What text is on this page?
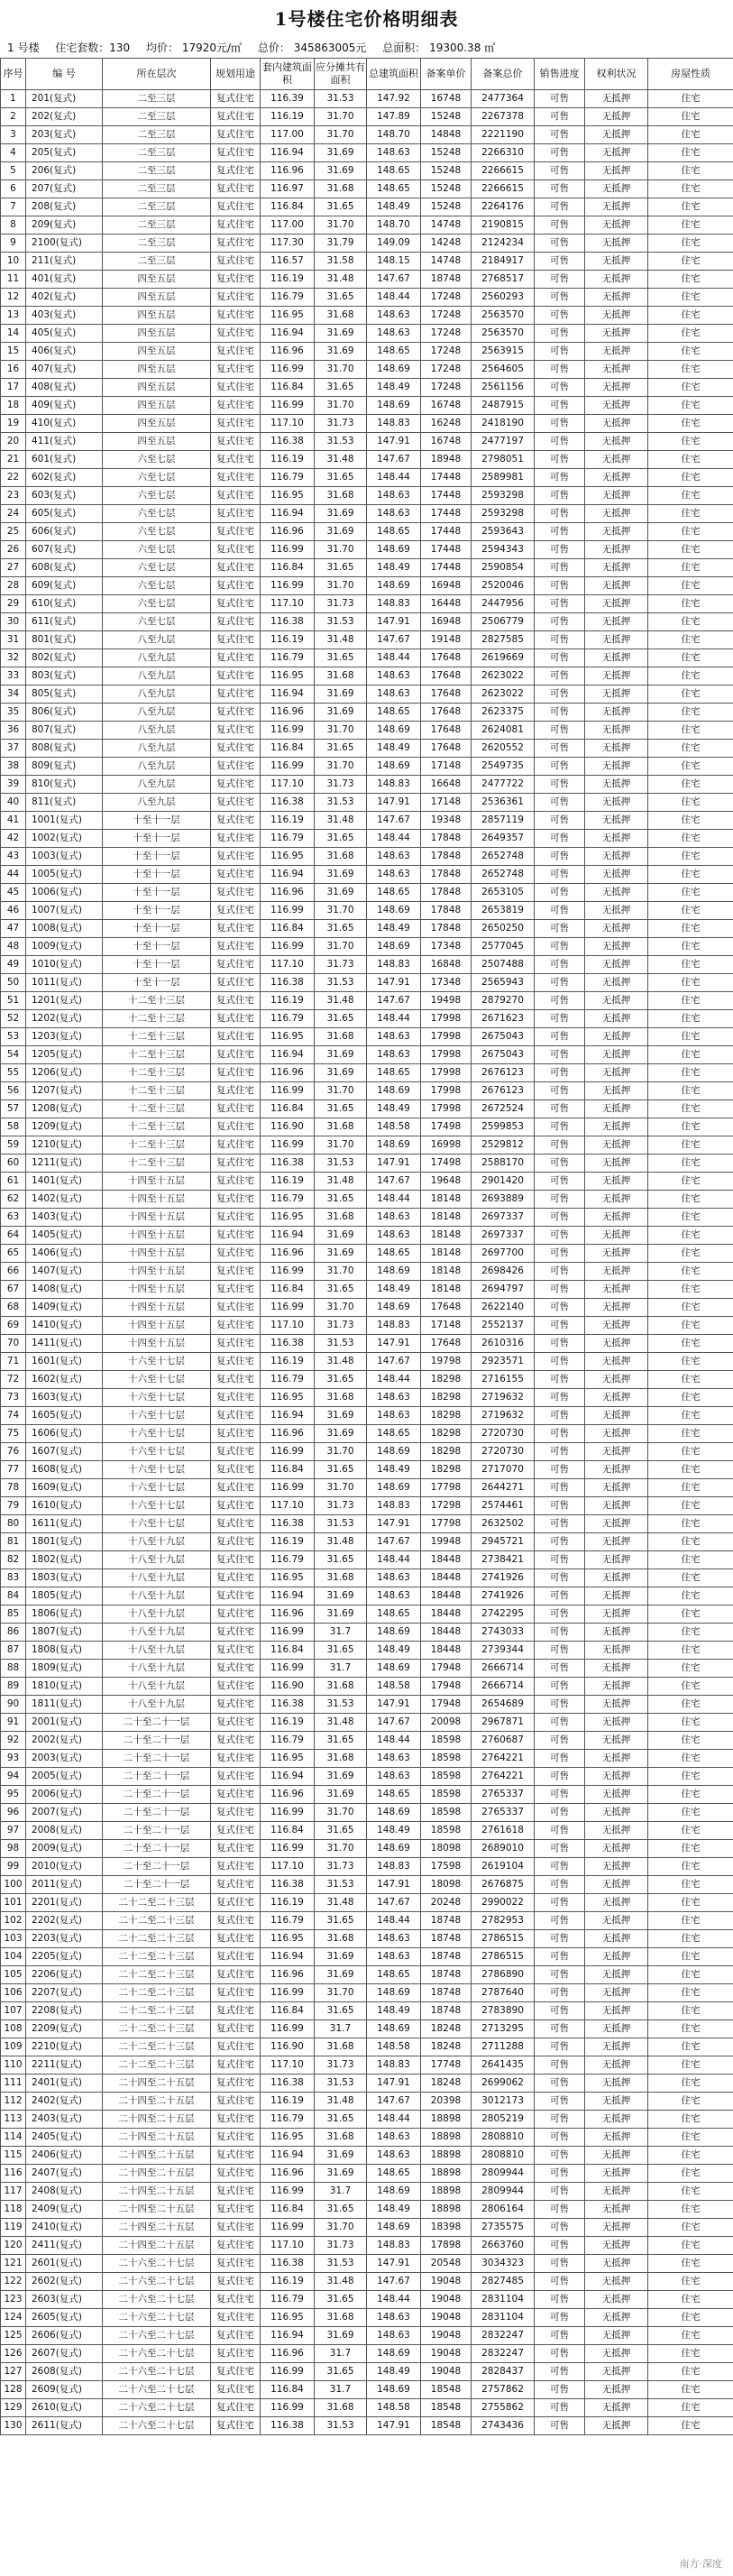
1号楼住宅价格明细表
1 号楼 住宅套数：130 均价： 17920元/㎡ 总价： 345863005元 总面积： 19300.38 ㎡
序号	编 号	所在层次	规划用途	套内建筑面积	应分摊共有面积	总建筑面积	备案单价	备案总价	销售进度	权利状况	房屋性质
1	201(复式)	二至三层	复式住宅	116.39	31.53	147.92	16748	2477364	可售	无抵押	住宅
2	202(复式)	二至三层	复式住宅	116.19	31.70	147.89	15248	2267378	可售	无抵押	住宅
3	203(复式)	二至三层	复式住宅	117.00	31.70	148.70	14848	2221190	可售	无抵押	住宅
4	205(复式)	二至三层	复式住宅	116.94	31.69	148.63	15248	2266310	可售	无抵押	住宅
5	206(复式)	二至三层	复式住宅	116.96	31.69	148.65	15248	2266615	可售	无抵押	住宅
6	207(复式)	二至三层	复式住宅	116.97	31.68	148.65	15248	2266615	可售	无抵押	住宅
7	208(复式)	二至三层	复式住宅	116.84	31.65	148.49	15248	2264176	可售	无抵押	住宅
8	209(复式)	二至三层	复式住宅	117.00	31.70	148.70	14748	2190815	可售	无抵押	住宅
9	2100(复式)	二至三层	复式住宅	117.30	31.79	149.09	14248	2124234	可售	无抵押	住宅
10	211(复式)	二至三层	复式住宅	116.57	31.58	148.15	14748	2184917	可售	无抵押	住宅
11	401(复式)	四至五层	复式住宅	116.19	31.48	147.67	18748	2768517	可售	无抵押	住宅
12	402(复式)	四至五层	复式住宅	116.79	31.65	148.44	17248	2560293	可售	无抵押	住宅
13	403(复式)	四至五层	复式住宅	116.95	31.68	148.63	17248	2563570	可售	无抵押	住宅
14	405(复式)	四至五层	复式住宅	116.94	31.69	148.63	17248	2563570	可售	无抵押	住宅
15	406(复式)	四至五层	复式住宅	116.96	31.69	148.65	17248	2563915	可售	无抵押	住宅
16	407(复式)	四至五层	复式住宅	116.99	31.70	148.69	17248	2564605	可售	无抵押	住宅
17	408(复式)	四至五层	复式住宅	116.84	31.65	148.49	17248	2561156	可售	无抵押	住宅
18	409(复式)	四至五层	复式住宅	116.99	31.70	148.69	16748	2487915	可售	无抵押	住宅
19	410(复式)	四至五层	复式住宅	117.10	31.73	148.83	16248	2418190	可售	无抵押	住宅
20	411(复式)	四至五层	复式住宅	116.38	31.53	147.91	16748	2477197	可售	无抵押	住宅
21	601(复式)	六至七层	复式住宅	116.19	31.48	147.67	18948	2798051	可售	无抵押	住宅
22	602(复式)	六至七层	复式住宅	116.79	31.65	148.44	17448	2589981	可售	无抵押	住宅
23	603(复式)	六至七层	复式住宅	116.95	31.68	148.63	17448	2593298	可售	无抵押	住宅
24	605(复式)	六至七层	复式住宅	116.94	31.69	148.63	17448	2593298	可售	无抵押	住宅
25	606(复式)	六至七层	复式住宅	116.96	31.69	148.65	17448	2593643	可售	无抵押	住宅
26	607(复式)	六至七层	复式住宅	116.99	31.70	148.69	17448	2594343	可售	无抵押	住宅
27	608(复式)	六至七层	复式住宅	116.84	31.65	148.49	17448	2590854	可售	无抵押	住宅
28	609(复式)	六至七层	复式住宅	116.99	31.70	148.69	16948	2520046	可售	无抵押	住宅
29	610(复式)	六至七层	复式住宅	117.10	31.73	148.83	16448	2447956	可售	无抵押	住宅
30	611(复式)	六至七层	复式住宅	116.38	31.53	147.91	16948	2506779	可售	无抵押	住宅
31	801(复式)	八至九层	复式住宅	116.19	31.48	147.67	19148	2827585	可售	无抵押	住宅
32	802(复式)	八至九层	复式住宅	116.79	31.65	148.44	17648	2619669	可售	无抵押	住宅
33	803(复式)	八至九层	复式住宅	116.95	31.68	148.63	17648	2623022	可售	无抵押	住宅
34	805(复式)	八至九层	复式住宅	116.94	31.69	148.63	17648	2623022	可售	无抵押	住宅
35	806(复式)	八至九层	复式住宅	116.96	31.69	148.65	17648	2623375	可售	无抵押	住宅
36	807(复式)	八至九层	复式住宅	116.99	31.70	148.69	17648	2624081	可售	无抵押	住宅
37	808(复式)	八至九层	复式住宅	116.84	31.65	148.49	17648	2620552	可售	无抵押	住宅
38	809(复式)	八至九层	复式住宅	116.99	31.70	148.69	17148	2549735	可售	无抵押	住宅
39	810(复式)	八至九层	复式住宅	117.10	31.73	148.83	16648	2477722	可售	无抵押	住宅
40	811(复式)	八至九层	复式住宅	116.38	31.53	147.91	17148	2536361	可售	无抵押	住宅
41	1001(复式)	十至十一层	复式住宅	116.19	31.48	147.67	19348	2857119	可售	无抵押	住宅
42	1002(复式)	十至十一层	复式住宅	116.79	31.65	148.44	17848	2649357	可售	无抵押	住宅
43	1003(复式)	十至十一层	复式住宅	116.95	31.68	148.63	17848	2652748	可售	无抵押	住宅
44	1005(复式)	十至十一层	复式住宅	116.94	31.69	148.63	17848	2652748	可售	无抵押	住宅
45	1006(复式)	十至十一层	复式住宅	116.96	31.69	148.65	17848	2653105	可售	无抵押	住宅
46	1007(复式)	十至十一层	复式住宅	116.99	31.70	148.69	17848	2653819	可售	无抵押	住宅
47	1008(复式)	十至十一层	复式住宅	116.84	31.65	148.49	17848	2650250	可售	无抵押	住宅
48	1009(复式)	十至十一层	复式住宅	116.99	31.70	148.69	17348	2577045	可售	无抵押	住宅
49	1010(复式)	十至十一层	复式住宅	117.10	31.73	148.83	16848	2507488	可售	无抵押	住宅
50	1011(复式)	十至十一层	复式住宅	116.38	31.53	147.91	17348	2565943	可售	无抵押	住宅
51	1201(复式)	十二至十三层	复式住宅	116.19	31.48	147.67	19498	2879270	可售	无抵押	住宅
52	1202(复式)	十二至十三层	复式住宅	116.79	31.65	148.44	17998	2671623	可售	无抵押	住宅
53	1203(复式)	十二至十三层	复式住宅	116.95	31.68	148.63	17998	2675043	可售	无抵押	住宅
54	1205(复式)	十二至十三层	复式住宅	116.94	31.69	148.63	17998	2675043	可售	无抵押	住宅
55	1206(复式)	十二至十三层	复式住宅	116.96	31.69	148.65	17998	2676123	可售	无抵押	住宅
56	1207(复式)	十二至十三层	复式住宅	116.99	31.70	148.69	17998	2676123	可售	无抵押	住宅
57	1208(复式)	十二至十三层	复式住宅	116.84	31.65	148.49	17998	2672524	可售	无抵押	住宅
58	1209(复式)	十二至十三层	复式住宅	116.90	31.68	148.58	17498	2599853	可售	无抵押	住宅
59	1210(复式)	十二至十三层	复式住宅	116.99	31.70	148.69	16998	2529812	可售	无抵押	住宅
60	1211(复式)	十二至十三层	复式住宅	116.38	31.53	147.91	17498	2588170	可售	无抵押	住宅
61	1401(复式)	十四至十五层	复式住宅	116.19	31.48	147.67	19648	2901420	可售	无抵押	住宅
62	1402(复式)	十四至十五层	复式住宅	116.79	31.65	148.44	18148	2693889	可售	无抵押	住宅
63	1403(复式)	十四至十五层	复式住宅	116.95	31.68	148.63	18148	2697337	可售	无抵押	住宅
64	1405(复式)	十四至十五层	复式住宅	116.94	31.69	148.63	18148	2697337	可售	无抵押	住宅
65	1406(复式)	十四至十五层	复式住宅	116.96	31.69	148.65	18148	2697700	可售	无抵押	住宅
66	1407(复式)	十四至十五层	复式住宅	116.99	31.70	148.69	18148	2698426	可售	无抵押	住宅
67	1408(复式)	十四至十五层	复式住宅	116.84	31.65	148.49	18148	2694797	可售	无抵押	住宅
68	1409(复式)	十四至十五层	复式住宅	116.99	31.70	148.69	17648	2622140	可售	无抵押	住宅
69	1410(复式)	十四至十五层	复式住宅	117.10	31.73	148.83	17148	2552137	可售	无抵押	住宅
70	1411(复式)	十四至十五层	复式住宅	116.38	31.53	147.91	17648	2610316	可售	无抵押	住宅
71	1601(复式)	十六至十七层	复式住宅	116.19	31.48	147.67	19798	2923571	可售	无抵押	住宅
72	1602(复式)	十六至十七层	复式住宅	116.79	31.65	148.44	18298	2716155	可售	无抵押	住宅
73	1603(复式)	十六至十七层	复式住宅	116.95	31.68	148.63	18298	2719632	可售	无抵押	住宅
74	1605(复式)	十六至十七层	复式住宅	116.94	31.69	148.63	18298	2719632	可售	无抵押	住宅
75	1606(复式)	十六至十七层	复式住宅	116.96	31.69	148.65	18298	2720730	可售	无抵押	住宅
76	1607(复式)	十六至十七层	复式住宅	116.99	31.70	148.69	18298	2720730	可售	无抵押	住宅
77	1608(复式)	十六至十七层	复式住宅	116.84	31.65	148.49	18298	2717070	可售	无抵押	住宅
78	1609(复式)	十六至十七层	复式住宅	116.99	31.70	148.69	17798	2644271	可售	无抵押	住宅
79	1610(复式)	十六至十七层	复式住宅	117.10	31.73	148.83	17298	2574461	可售	无抵押	住宅
80	1611(复式)	十六至十七层	复式住宅	116.38	31.53	147.91	17798	2632502	可售	无抵押	住宅
81	1801(复式)	十八至十九层	复式住宅	116.19	31.48	147.67	19948	2945721	可售	无抵押	住宅
82	1802(复式)	十八至十九层	复式住宅	116.79	31.65	148.44	18448	2738421	可售	无抵押	住宅
83	1803(复式)	十八至十九层	复式住宅	116.95	31.68	148.63	18448	2741926	可售	无抵押	住宅
84	1805(复式)	十八至十九层	复式住宅	116.94	31.69	148.63	18448	2741926	可售	无抵押	住宅
85	1806(复式)	十八至十九层	复式住宅	116.96	31.69	148.65	18448	2742295	可售	无抵押	住宅
86	1807(复式)	十八至十九层	复式住宅	116.99	31.7	148.69	18448	2743033	可售	无抵押	住宅
87	1808(复式)	十八至十九层	复式住宅	116.84	31.65	148.49	18448	2739344	可售	无抵押	住宅
88	1809(复式)	十八至十九层	复式住宅	116.99	31.7	148.69	17948	2666714	可售	无抵押	住宅
89	1810(复式)	十八至十九层	复式住宅	116.90	31.68	148.58	17948	2666714	可售	无抵押	住宅
90	1811(复式)	十八至十九层	复式住宅	116.38	31.53	147.91	17948	2654689	可售	无抵押	住宅
91	2001(复式)	二十至二十一层	复式住宅	116.19	31.48	147.67	20098	2967871	可售	无抵押	住宅
92	2002(复式)	二十至二十一层	复式住宅	116.79	31.65	148.44	18598	2760687	可售	无抵押	住宅
93	2003(复式)	二十至二十一层	复式住宅	116.95	31.68	148.63	18598	2764221	可售	无抵押	住宅
94	2005(复式)	二十至二十一层	复式住宅	116.94	31.69	148.63	18598	2764221	可售	无抵押	住宅
95	2006(复式)	二十至二十一层	复式住宅	116.96	31.69	148.65	18598	2765337	可售	无抵押	住宅
96	2007(复式)	二十至二十一层	复式住宅	116.99	31.70	148.69	18598	2765337	可售	无抵押	住宅
97	2008(复式)	二十至二十一层	复式住宅	116.84	31.65	148.49	18598	2761618	可售	无抵押	住宅
98	2009(复式)	二十至二十一层	复式住宅	116.99	31.70	148.69	18098	2689010	可售	无抵押	住宅
99	2010(复式)	二十至二十一层	复式住宅	117.10	31.73	148.83	17598	2619104	可售	无抵押	住宅
100	2011(复式)	二十至二十一层	复式住宅	116.38	31.53	147.91	18098	2676875	可售	无抵押	住宅
101	2201(复式)	二十二至二十三层	复式住宅	116.19	31.48	147.67	20248	2990022	可售	无抵押	住宅
102	2202(复式)	二十二至二十三层	复式住宅	116.79	31.65	148.44	18748	2782953	可售	无抵押	住宅
103	2203(复式)	二十二至二十三层	复式住宅	116.95	31.68	148.63	18748	2786515	可售	无抵押	住宅
104	2205(复式)	二十二至二十三层	复式住宅	116.94	31.69	148.63	18748	2786515	可售	无抵押	住宅
105	2206(复式)	二十二至二十三层	复式住宅	116.96	31.69	148.65	18748	2786890	可售	无抵押	住宅
106	2207(复式)	二十二至二十三层	复式住宅	116.99	31.70	148.69	18748	2787640	可售	无抵押	住宅
107	2208(复式)	二十二至二十三层	复式住宅	116.84	31.65	148.49	18748	2783890	可售	无抵押	住宅
108	2209(复式)	二十二至二十三层	复式住宅	116.99	31.7	148.69	18248	2713295	可售	无抵押	住宅
109	2210(复式)	二十二至二十三层	复式住宅	116.90	31.68	148.58	18248	2711288	可售	无抵押	住宅
110	2211(复式)	二十二至二十三层	复式住宅	117.10	31.73	148.83	17748	2641435	可售	无抵押	住宅
111	2401(复式)	二十四至二十五层	复式住宅	116.38	31.53	147.91	18248	2699062	可售	无抵押	住宅
112	2402(复式)	二十四至二十五层	复式住宅	116.19	31.48	147.67	20398	3012173	可售	无抵押	住宅
113	2403(复式)	二十四至二十五层	复式住宅	116.79	31.65	148.44	18898	2805219	可售	无抵押	住宅
114	2405(复式)	二十四至二十五层	复式住宅	116.95	31.68	148.63	18898	2808810	可售	无抵押	住宅
115	2406(复式)	二十四至二十五层	复式住宅	116.94	31.69	148.63	18898	2808810	可售	无抵押	住宅
116	2407(复式)	二十四至二十五层	复式住宅	116.96	31.69	148.65	18898	2809944	可售	无抵押	住宅
117	2408(复式)	二十四至二十五层	复式住宅	116.99	31.7	148.69	18898	2809944	可售	无抵押	住宅
118	2409(复式)	二十四至二十五层	复式住宅	116.84	31.65	148.49	18898	2806164	可售	无抵押	住宅
119	2410(复式)	二十四至二十五层	复式住宅	116.99	31.70	148.69	18398	2735575	可售	无抵押	住宅
120	2411(复式)	二十四至二十五层	复式住宅	117.10	31.73	148.83	17898	2663760	可售	无抵押	住宅
121	2601(复式)	二十六至二十七层	复式住宅	116.38	31.53	147.91	20548	3034323	可售	无抵押	住宅
122	2602(复式)	二十六至二十七层	复式住宅	116.19	31.48	147.67	19048	2827485	可售	无抵押	住宅
123	2603(复式)	二十六至二十七层	复式住宅	116.79	31.65	148.44	19048	2831104	可售	无抵押	住宅
124	2605(复式)	二十六至二十七层	复式住宅	116.95	31.68	148.63	19048	2831104	可售	无抵押	住宅
125	2606(复式)	二十六至二十七层	复式住宅	116.94	31.69	148.63	19048	2832247	可售	无抵押	住宅
126	2607(复式)	二十六至二十七层	复式住宅	116.96	31.7	148.69	19048	2832247	可售	无抵押	住宅
127	2608(复式)	二十六至二十七层	复式住宅	116.99	31.65	148.49	19048	2828437	可售	无抵押	住宅
128	2609(复式)	二十六至二十七层	复式住宅	116.84	31.7	148.69	18548	2757862	可售	无抵押	住宅
129	2610(复式)	二十六至二十七层	复式住宅	116.99	31.68	148.58	18548	2755862	可售	无抵押	住宅
130	2611(复式)	二十六至二十七层	复式住宅	116.38	31.53	147.91	18548	2743436	可售	无抵押	住宅
南方·深度
